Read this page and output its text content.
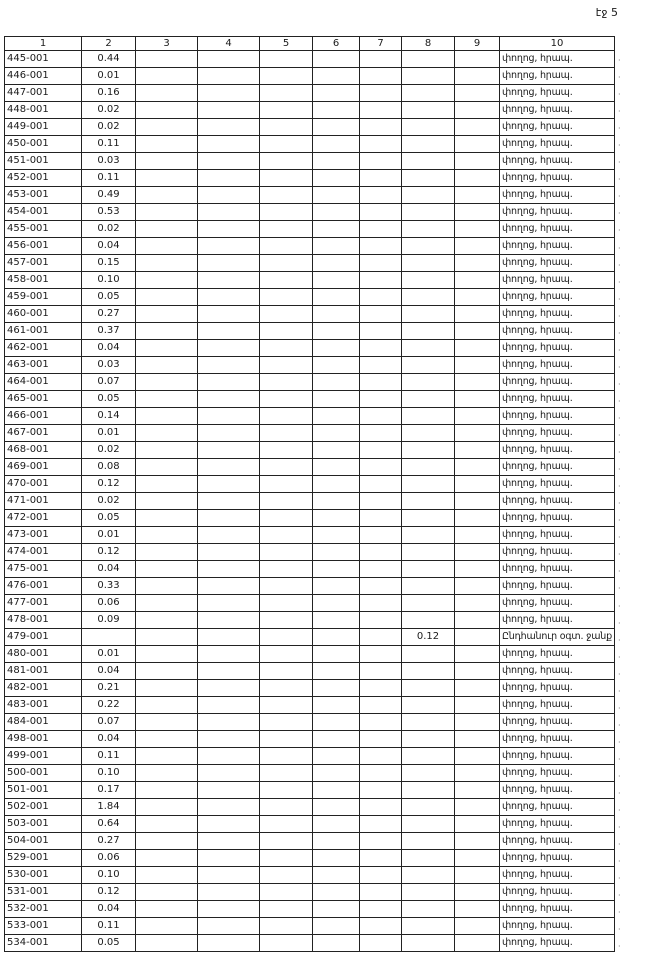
էջ 5
1	2	3	4	5	6	7	8	9	10
445-001	0.44								փողոց, հրապ.
446-001	0.01								փողոց, հրապ.
447-001	0.16								փողոց, հրապ.
448-001	0.02								փողոց, հրապ.
449-001	0.02								փողոց, հրապ.
450-001	0.11								փողոց, հրապ.
451-001	0.03								փողոց, հրապ.
452-001	0.11								փողոց, հրապ.
453-001	0.49								փողոց, հրապ.
454-001	0.53								փողոց, հրապ.
455-001	0.02								փողոց, հրապ.
456-001	0.04								փողոց, հրապ.
457-001	0.15								փողոց, հրապ.
458-001	0.10								փողոց, հրապ.
459-001	0.05								փողոց, հրապ.
460-001	0.27								փողոց, հրապ.
461-001	0.37								փողոց, հրապ.
462-001	0.04								փողոց, հրապ.
463-001	0.03								փողոց, հրապ.
464-001	0.07								փողոց, հրապ.
465-001	0.05								փողոց, հրապ.
466-001	0.14								փողոց, հրապ.
467-001	0.01								փողոց, հրապ.
468-001	0.02								փողոց, հրապ.
469-001	0.08								փողոց, հրապ.
470-001	0.12								փողոց, հրապ.
471-001	0.02								փողոց, հրապ.
472-001	0.05								փողոց, հրապ.
473-001	0.01								փողոց, հրապ.
474-001	0.12								փողոց, հրապ.
475-001	0.04								փողոց, հրապ.
476-001	0.33								փողոց, հրապ.
477-001	0.06								փողոց, հրապ.
478-001	0.09								փողոց, հրապ.
479-001							0.12		Ընդհանուր օգտ. ջանք
480-001	0.01								փողոց, հրապ.
481-001	0.04								փողոց, հրապ.
482-001	0.21								փողոց, հրապ.
483-001	0.22								փողոց, հրապ.
484-001	0.07								փողոց, հրապ.
498-001	0.04								փողոց, հրապ.
499-001	0.11								փողոց, հրապ.
500-001	0.10								փողոց, հրապ.
501-001	0.17								փողոց, հրապ.
502-001	1.84								փողոց, հրապ.
503-001	0.64								փողոց, հրապ.
504-001	0.27								փողոց, հրապ.
529-001	0.06								փողոց, հրապ.
530-001	0.10								փողոց, հրապ.
531-001	0.12								փողոց, հրապ.
532-001	0.04								փողոց, հրապ.
533-001	0.11								փողոց, հրապ.
534-001	0.05								փողոց, հրապ.
·
·
·
·
·
·
·
·
·
·
·
·
·
·
·
·
·
·
·
·
·
·
·
·
·
·
·
·
·
·
·
·
·
·
·
·
·
·
·
·
·
·
·
·
·
·
·
·
·
·
·
·
·
